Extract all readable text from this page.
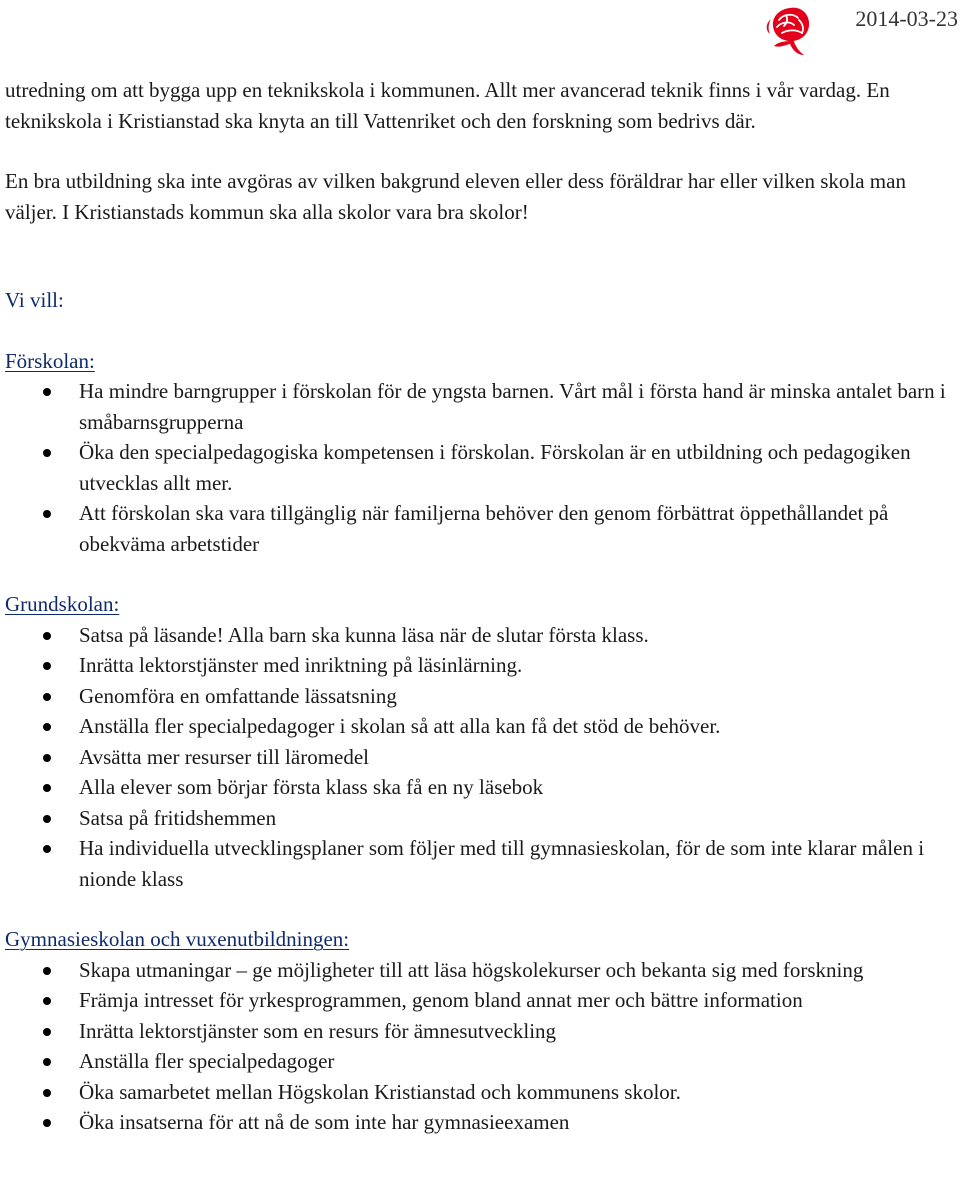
2014-03-23

utredning om att bygga upp en teknikskola i kommunen. Allt mer avancerad teknik finns i vår vardag. En teknikskola i Kristianstad ska knyta an till Vattenriket och den forskning som bedrivs där.

En bra utbildning ska inte avgöras av vilken bakgrund eleven eller dess föräldrar har eller vilken skola man väljer. I Kristianstads kommun ska alla skolor vara bra skolor!

Vi vill:

Förskolan:

Ha mindre barngrupper i förskolan för de yngsta barnen. Vårt mål i första hand är minska antalet barn i småbarnsgrupperna
Öka den specialpedagogiska kompetensen i förskolan. Förskolan är en utbildning och pedagogiken utvecklas allt mer.
Att förskolan ska vara tillgänglig när familjerna behöver den genom förbättrat öppethållandet på obekväma arbetstider

Grundskolan:

Satsa på läsande! Alla barn ska kunna läsa när de slutar första klass.
Inrätta lektorstjänster med inriktning på läsinlärning.
Genomföra en omfattande lässatsning
Anställa fler specialpedagoger i skolan så att alla kan få det stöd de behöver.
Avsätta mer resurser till läromedel
Alla elever som börjar första klass ska få en ny läsebok
Satsa på fritidshemmen
Ha individuella utvecklingsplaner som följer med till gymnasieskolan, för de som inte klarar målen i nionde klass

Gymnasieskolan och vuxenutbildningen:

Skapa utmaningar – ge möjligheter till att läsa högskolekurser och bekanta sig med forskning
Främja intresset för yrkesprogrammen, genom bland annat mer och bättre information
Inrätta lektorstjänster som en resurs för ämnesutveckling
Anställa fler specialpedagoger
Öka samarbetet mellan Högskolan Kristianstad och kommunens skolor.
Öka insatserna för att nå de som inte har gymnasieexamen
